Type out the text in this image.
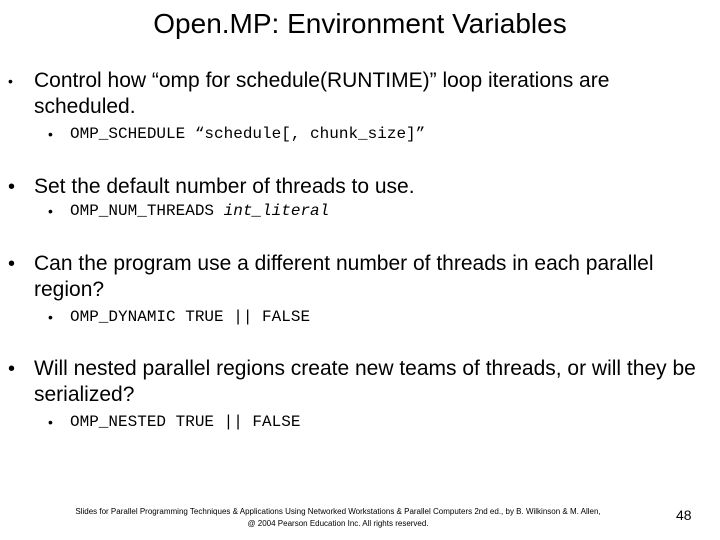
Open.MP: Environment Variables
• Control how “omp for schedule(RUNTIME)” loop iterations are scheduled.
• OMP_SCHEDULE “schedule[, chunk_size]”
• Set the default number of threads to use.
• OMP_NUM_THREADS int_literal
• Can the program use a different number of threads in each parallel region?
• OMP_DYNAMIC TRUE || FALSE
• Will nested parallel regions create new teams of threads, or will they be serialized?
• OMP_NESTED TRUE || FALSE
Slides for Parallel Programming Techniques & Applications Using Networked Workstations & Parallel Computers 2nd ed., by B. Wilkinson & M. Allen,
@ 2004 Pearson Education Inc. All rights reserved.
48
